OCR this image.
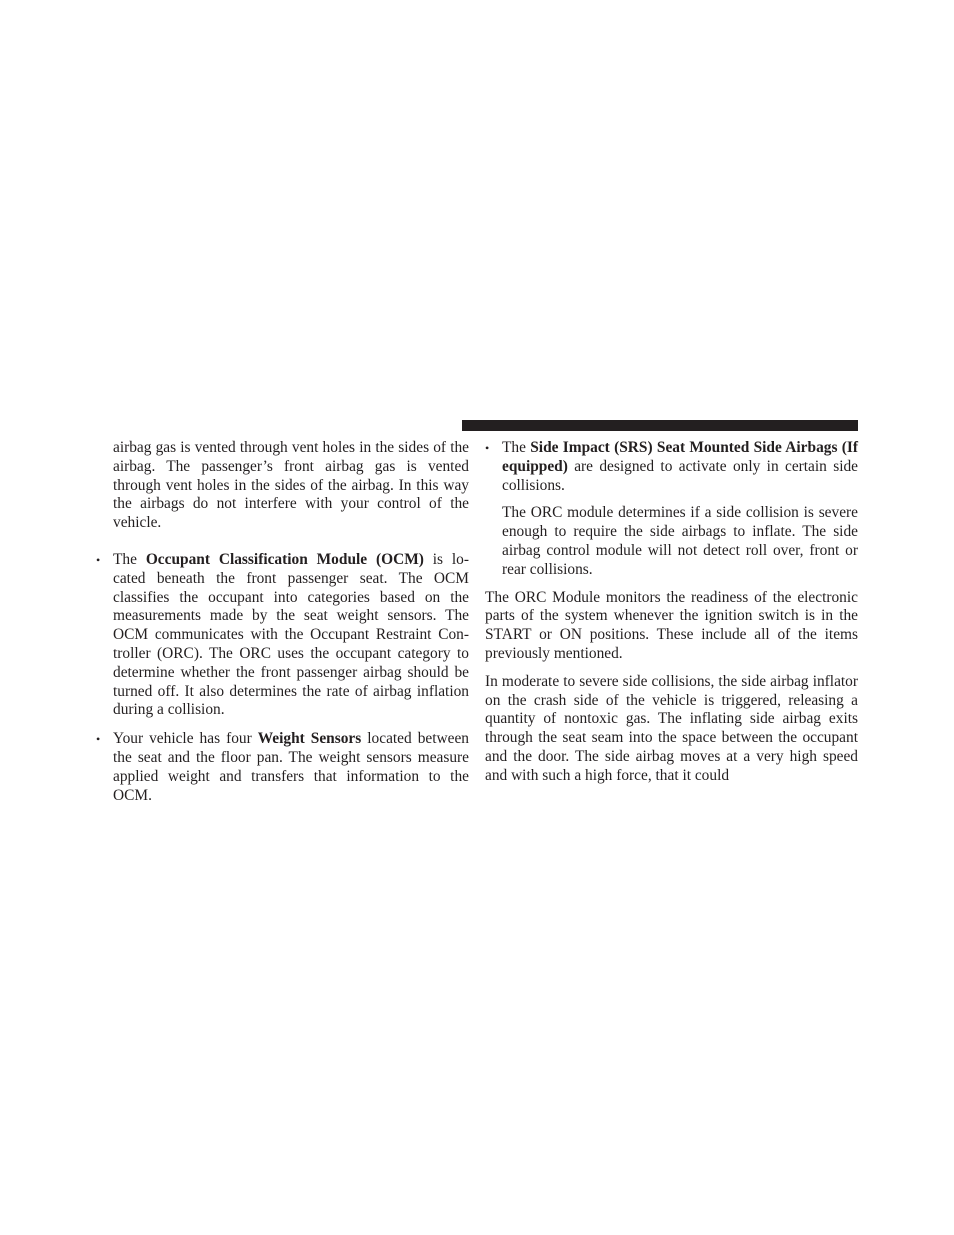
airbag gas is vented through vent holes in the sides of the airbag. The passenger’s front airbag gas is vented through vent holes in the sides of the airbag. In this way the airbags do not interfere with your control of the vehicle.

• The Occupant Classification Module (OCM) is lo-cated beneath the front passenger seat. The OCM classifies the occupant into categories based on the measurements made by the seat weight sensors. The OCM communicates with the Occupant Restraint Con-troller (ORC). The ORC uses the occupant category to determine whether the front passenger airbag should be turned off. It also determines the rate of airbag inflation during a collision.
• Your vehicle has four Weight Sensors located between the seat and the floor pan. The weight sensors measure applied weight and transfers that information to the OCM.
• The Side Impact (SRS) Seat Mounted Side Airbags (If equipped) are designed to activate only in certain side collisions.

The ORC module determines if a side collision is severe enough to require the side airbags to inflate. The side airbag control module will not detect roll over, front or rear collisions.

The ORC Module monitors the readiness of the electronic parts of the system whenever the ignition switch is in the START or ON positions. These include all of the items previously mentioned.

In moderate to severe side collisions, the side airbag inflator on the crash side of the vehicle is triggered, releasing a quantity of nontoxic gas. The inflating side airbag exits through the seat seam into the space between the occupant and the door. The side airbag moves at a very high speed and with such a high force, that it could
